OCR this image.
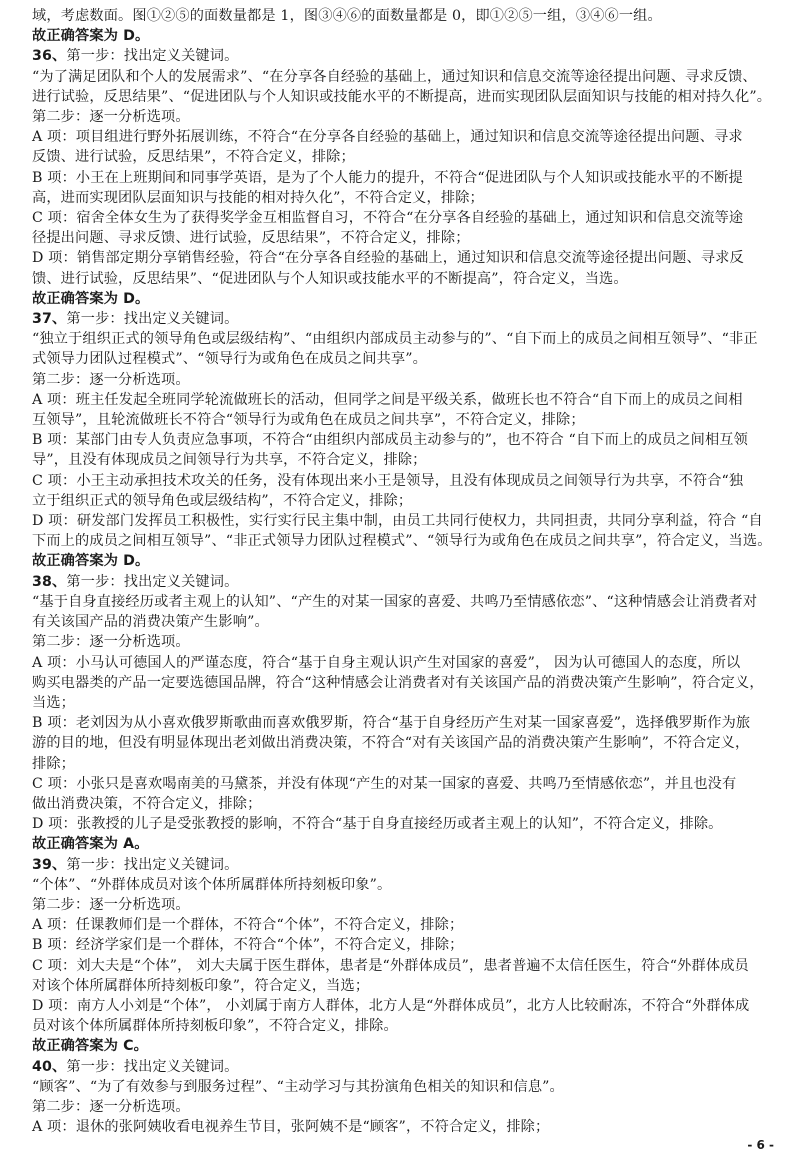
域，考虑数面。图①②⑤的面数量都是 1，图③④⑥的面数量都是 0，即①②⑤一组，③④⑥一组。
故正确答案为 D。
36、第一步：找出定义关键词。
“为了满足团队和个人的发展需求”、“在分享各自经验的基础上，通过知识和信息交流等途径提出问题、寻求反馈、
进行试验，反思结果”、“促进团队与个人知识或技能水平的不断提高，进而实现团队层面知识与技能的相对持久化”。
第二步：逐一分析选项。
A 项：项目组进行野外拓展训练，不符合“在分享各自经验的基础上，通过知识和信息交流等途径提出问题、寻求
反馈、进行试验，反思结果”，不符合定义，排除；
B 项：小王在上班期间和同事学英语，是为了个人能力的提升，不符合“促进团队与个人知识或技能水平的不断提
高，进而实现团队层面知识与技能的相对持久化”，不符合定义，排除；
C 项：宿舍全体女生为了获得奖学金互相监督自习，不符合“在分享各自经验的基础上，通过知识和信息交流等途
径提出问题、寻求反馈、进行试验，反思结果”，不符合定义，排除；
D 项：销售部定期分享销售经验，符合“在分享各自经验的基础上，通过知识和信息交流等途径提出问题、寻求反
馈、进行试验，反思结果”、“促进团队与个人知识或技能水平的不断提高”，符合定义，当选。
故正确答案为 D。
37、第一步：找出定义关键词。
“独立于组织正式的领导角色或层级结构”、“由组织内部成员主动参与的”、“自下而上的成员之间相互领导”、“非正
式领导力团队过程模式”、“领导行为或角色在成员之间共享”。
第二步：逐一分析选项。
A 项：班主任发起全班同学轮流做班长的活动，但同学之间是平级关系，做班长也不符合“自下而上的成员之间相
互领导”，且轮流做班长不符合“领导行为或角色在成员之间共享”，不符合定义，排除；
B 项：某部门由专人负责应急事项，不符合“由组织内部成员主动参与的”，也不符合 “自下而上的成员之间相互领
导”，且没有体现成员之间领导行为共享，不符合定义，排除；
C 项：小王主动承担技术攻关的任务，没有体现出来小王是领导，且没有体现成员之间领导行为共享，不符合“独
立于组织正式的领导角色或层级结构”，不符合定义，排除；
D 项：研发部门发挥员工积极性，实行实行民主集中制，由员工共同行使权力，共同担责，共同分享利益，符合 “自
下而上的成员之间相互领导”、“非正式领导力团队过程模式”、“领导行为或角色在成员之间共享”，符合定义，当选。
故正确答案为 D。
38、第一步：找出定义关键词。
“基于自身直接经历或者主观上的认知”、“产生的对某一国家的喜爱、共鸣乃至情感依恋”、“这种情感会让消费者对
有关该国产品的消费决策产生影响”。
第二步：逐一分析选项。
A 项：小马认可德国人的严谨态度，符合“基于自身主观认识产生对国家的喜爱”， 因为认可德国人的态度，所以
购买电器类的产品一定要选德国品牌，符合“这种情感会让消费者对有关该国产品的消费决策产生影响”，符合定义，
当选；
B 项：老刘因为从小喜欢俄罗斯歌曲而喜欢俄罗斯，符合“基于自身经历产生对某一国家喜爱”，选择俄罗斯作为旅
游的目的地，但没有明显体现出老刘做出消费决策，不符合“对有关该国产品的消费决策产生影响”，不符合定义，
排除；
C 项：小张只是喜欢喝南美的马黛茶，并没有体现“产生的对某一国家的喜爱、共鸣乃至情感依恋”，并且也没有
做出消费决策，不符合定义，排除；
D 项：张教授的儿子是受张教授的影响，不符合“基于自身直接经历或者主观上的认知”，不符合定义，排除。
故正确答案为 A。
39、第一步：找出定义关键词。
“个体”、“外群体成员对该个体所属群体所持刻板印象”。
第二步：逐一分析选项。
A 项：任课教师们是一个群体，不符合“个体”，不符合定义，排除；
B 项：经济学家们是一个群体，不符合“个体”，不符合定义，排除；
C 项：刘大夫是“个体”， 刘大夫属于医生群体，患者是“外群体成员”，患者普遍不太信任医生，符合“外群体成员
对该个体所属群体所持刻板印象”，符合定义，当选；
D 项：南方人小刘是“个体”， 小刘属于南方人群体，北方人是“外群体成员”，北方人比较耐冻，不符合“外群体成
员对该个体所属群体所持刻板印象”，不符合定义，排除。
故正确答案为 C。
40、第一步：找出定义关键词。
“顾客”、“为了有效参与到服务过程”、“主动学习与其扮演角色相关的知识和信息”。
第二步：逐一分析选项。
A 项：退休的张阿姨收看电视养生节目，张阿姨不是“顾客”，不符合定义，排除；
- 6 -
